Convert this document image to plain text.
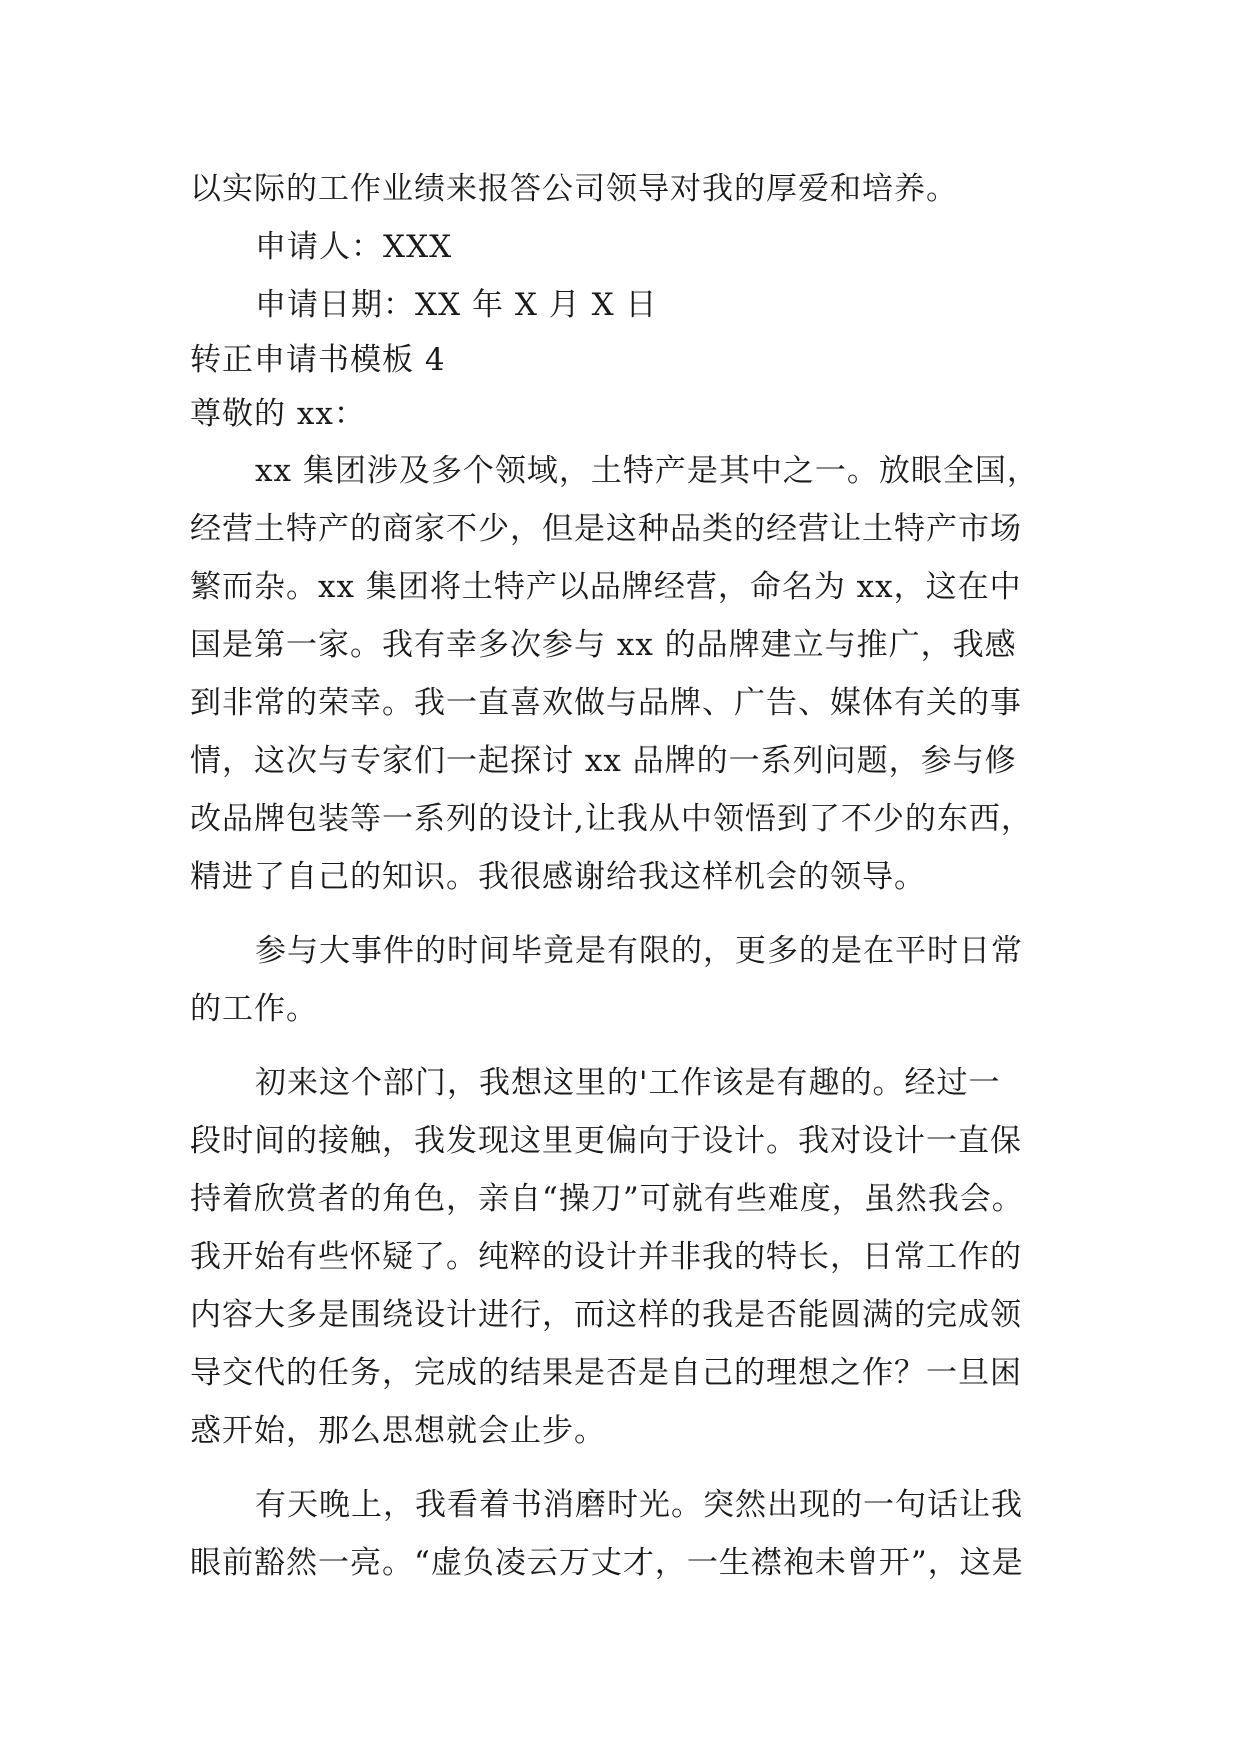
以实际的工作业绩来报答公司领导对我的厚爱和培养。
申请人：XXX
申请日期：XX 年 X 月 X 日
转正申请书模板 4
尊敬的 xx：
xx 集团涉及多个领域，土特产是其中之一。放眼全国，
经营土特产的商家不少，但是这种品类的经营让土特产市场
繁而杂。xx 集团将土特产以品牌经营，命名为 xx，这在中
国是第一家。我有幸多次参与 xx 的品牌建立与推广，我感
到非常的荣幸。我一直喜欢做与品牌、广告、媒体有关的事
情，这次与专家们一起探讨 xx 品牌的一系列问题，参与修
改品牌包装等一系列的设计,让我从中领悟到了不少的东西，
精进了自己的知识。我很感谢给我这样机会的领导。
参与大事件的时间毕竟是有限的，更多的是在平时日常
的工作。
初来这个部门，我想这里的'工作该是有趣的。经过一
段时间的接触，我发现这里更偏向于设计。我对设计一直保
持着欣赏者的角色，亲自“操刀”可就有些难度，虽然我会。
我开始有些怀疑了。纯粹的设计并非我的特长，日常工作的
内容大多是围绕设计进行，而这样的我是否能圆满的完成领
导交代的任务，完成的结果是否是自己的理想之作？一旦困
惑开始，那么思想就会止步。
有天晚上，我看着书消磨时光。突然出现的一句话让我
眼前豁然一亮。“虚负凌云万丈才，一生襟袍未曾开”，这是
